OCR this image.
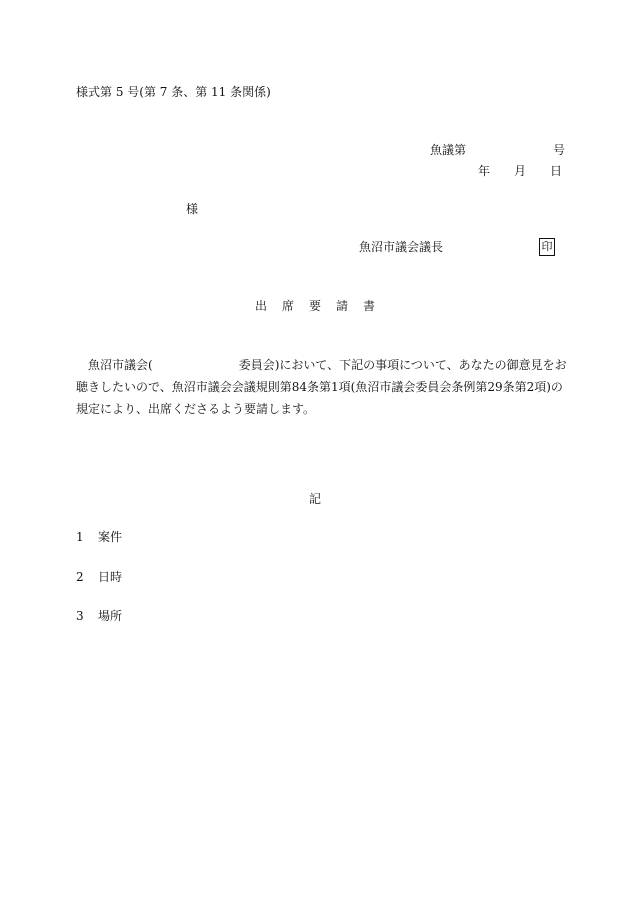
様式第 5 号(第 7 条、第 11 条関係)
魚議第	号
年 月 日
様
魚沼市議会議長	印
出席要請書
魚沼市議会(	委員会)において、下記の事項について、あなたの御意見をお
聴きしたいので、魚沼市議会会議規則第84条第1項(魚沼市議会委員会条例第29条第2項)の
規定により、出席くださるよう要請します。
記
1 案件
2 日時
3 場所
